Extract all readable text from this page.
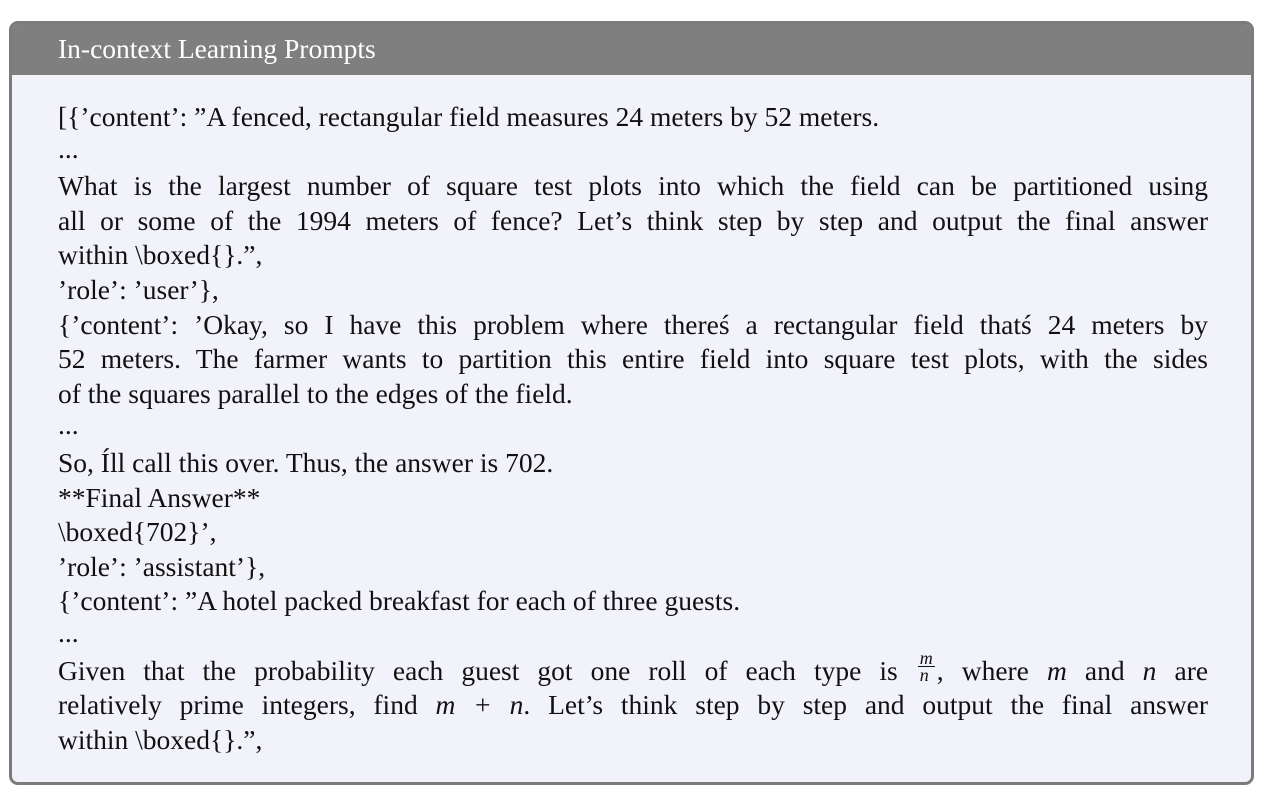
In-context Learning Prompts
[{’content’: ”A fenced, rectangular field measures 24 meters by 52 meters.
...
What is the largest number of square test plots into which the field can be partitioned using
all or some of the 1994 meters of fence? Let’s think step by step and output the final answer
within \boxed{}.”,
’role’: ’user’},
{’content’: ’Okay, so I have this problem where thereś a rectangular field thatś 24 meters by
52 meters. The farmer wants to partition this entire field into square test plots, with the sides
of the squares parallel to the edges of the field.
...
So, Íll call this over. Thus, the answer is 702.
**Final Answer**
\boxed{702}’,
’role’: ’assistant’},
{’content’: ”A hotel packed breakfast for each of three guests.
...
Given that the probability each guest got one roll of each type is $\frac{m}{n}$ , where m and n are
relatively prime integers, find m + n. Let’s think step by step and output the final answer
within \boxed{}.”,
